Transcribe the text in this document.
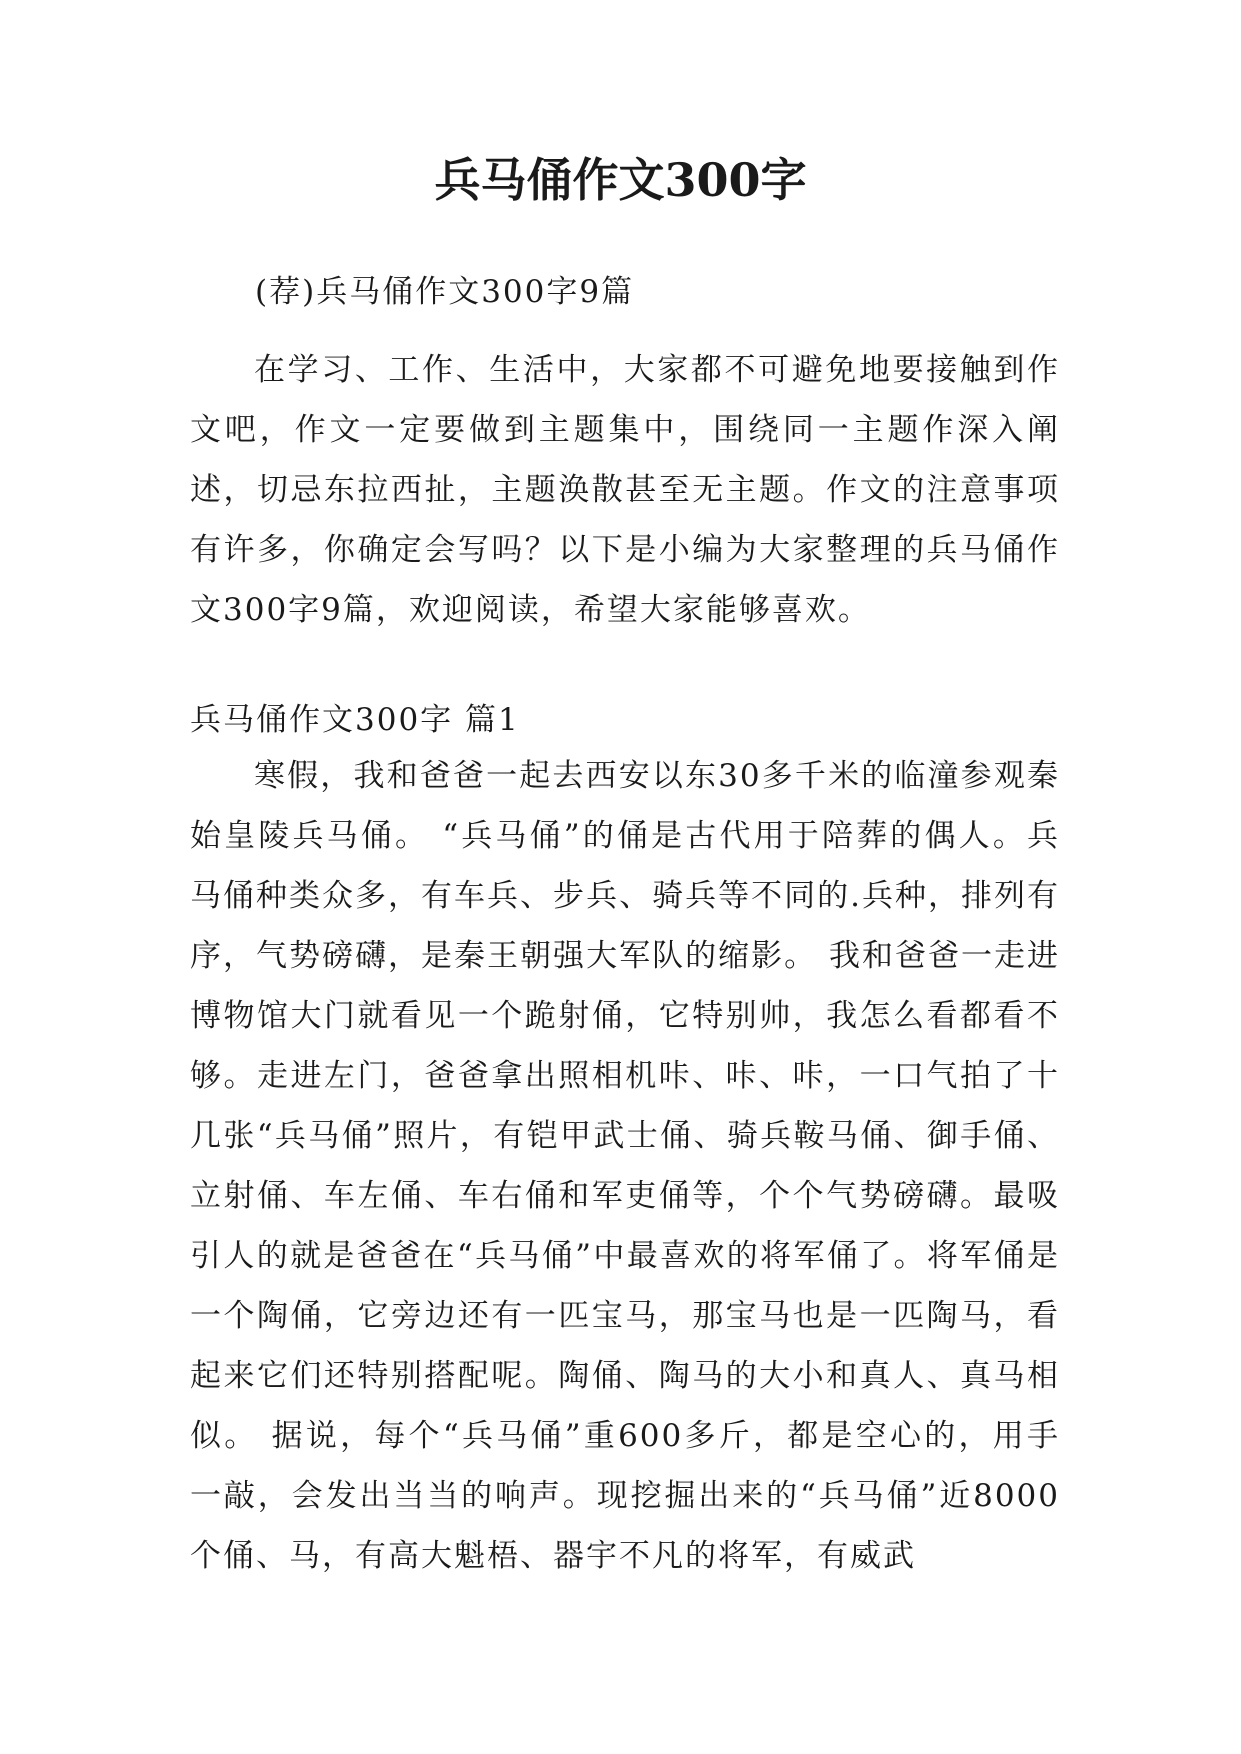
兵马俑作文300字

(荐)兵马俑作文300字9篇

在学习、工作、生活中，大家都不可避免地要接触到作文吧，作文一定要做到主题集中，围绕同一主题作深入阐述，切忌东拉西扯，主题涣散甚至无主题。作文的注意事项有许多，你确定会写吗？以下是小编为大家整理的兵马俑作文300字9篇，欢迎阅读，希望大家能够喜欢。

兵马俑作文300字 篇1

寒假，我和爸爸一起去西安以东30多千米的临潼参观秦始皇陵兵马俑。 “兵马俑”的俑是古代用于陪葬的偶人。兵马俑种类众多，有车兵、步兵、骑兵等不同的.兵种，排列有序，气势磅礴，是秦王朝强大军队的缩影。 我和爸爸一走进博物馆大门就看见一个跪射俑，它特别帅，我怎么看都看不够。走进左门，爸爸拿出照相机咔、咔、咔，一口气拍了十几张“兵马俑”照片，有铠甲武士俑、骑兵鞍马俑、御手俑、立射俑、车左俑、车右俑和军吏俑等，个个气势磅礴。最吸引人的就是爸爸在“兵马俑”中最喜欢的将军俑了。将军俑是一个陶俑，它旁边还有一匹宝马，那宝马也是一匹陶马，看起来它们还特别搭配呢。陶俑、陶马的大小和真人、真马相似。 据说，每个“兵马俑”重600多斤，都是空心的，用手一敲，会发出当当的响声。现挖掘出来的“兵马俑”近8000个俑、马，有高大魁梧、器宇不凡的将军，有威武
